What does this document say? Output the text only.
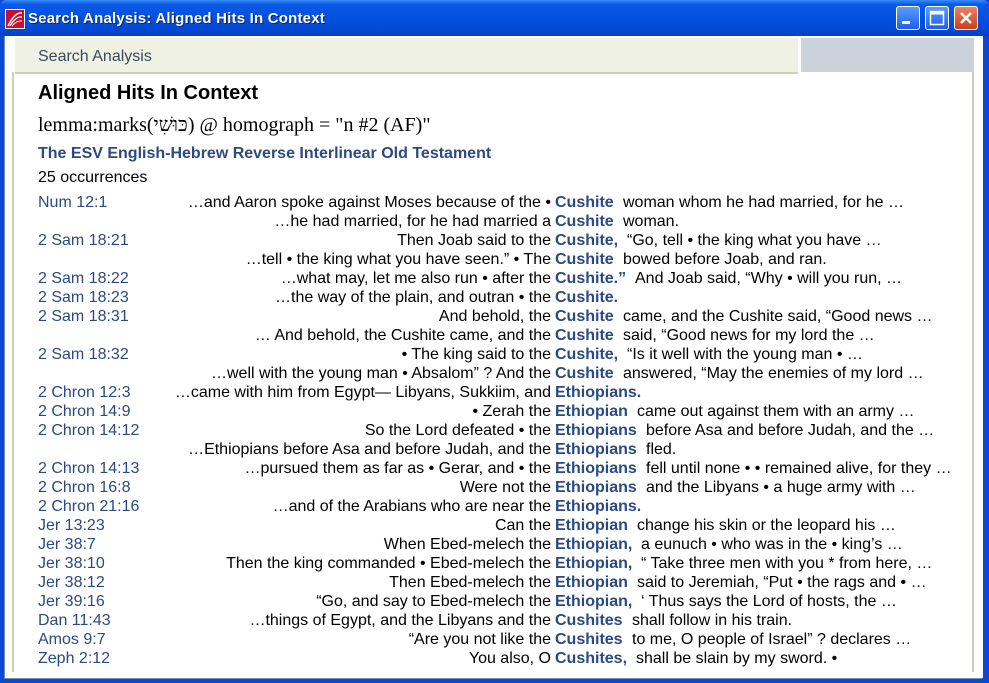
Search Analysis: Aligned Hits In Context
Search Analysis
Aligned Hits In Context
lemma:marks(כּוּשִׁי) @ homograph = "n #2 (AF)"
The ESV English-Hebrew Reverse Interlinear Old Testament
25 occurrences
Num 12:1	…and Aaron spoke against Moses because of the • Cushite woman whom he had married, for he …
…he had married, for he had married a Cushite woman.
2 Sam 18:21	Then Joab said to the Cushite, “Go, tell • the king what you have …
…tell • the king what you have seen.” • The Cushite bowed before Joab, and ran.
2 Sam 18:22	…what may, let me also run • after the Cushite.” And Joab said, “Why • will you run, …
2 Sam 18:23	…the way of the plain, and outran • the Cushite.
2 Sam 18:31	And behold, the Cushite came, and the Cushite said, “Good news …
… And behold, the Cushite came, and the Cushite said, “Good news for my lord the …
2 Sam 18:32	• The king said to the Cushite, “Is it well with the young man • …
…well with the young man • Absalom” ? And the Cushite answered, “May the enemies of my lord …
2 Chron 12:3	…came with him from Egypt— Libyans, Sukkiim, and Ethiopians.
2 Chron 14:9	• Zerah the Ethiopian came out against them with an army …
2 Chron 14:12	So the Lord defeated • the Ethiopians before Asa and before Judah, and the …
…Ethiopians before Asa and before Judah, and the Ethiopians fled.
2 Chron 14:13	…pursued them as far as • Gerar, and • the Ethiopians fell until none • • remained alive, for they …
2 Chron 16:8	Were not the Ethiopians and the Libyans • a huge army with …
2 Chron 21:16	…and of the Arabians who are near the Ethiopians.
Jer 13:23	Can the Ethiopian change his skin or the leopard his …
Jer 38:7	When Ebed-melech the Ethiopian, a eunuch • who was in the • king’s …
Jer 38:10	Then the king commanded • Ebed-melech the Ethiopian, “ Take three men with you * from here, …
Jer 38:12	Then Ebed-melech the Ethiopian said to Jeremiah, “Put • the rags and • …
Jer 39:16	“Go, and say to Ebed-melech the Ethiopian, ‘ Thus says the Lord of hosts, the …
Dan 11:43	…things of Egypt, and the Libyans and the Cushites shall follow in his train.
Amos 9:7	“Are you not like the Cushites to me, O people of Israel” ? declares …
Zeph 2:12	You also, O Cushites, shall be slain by my sword. •
